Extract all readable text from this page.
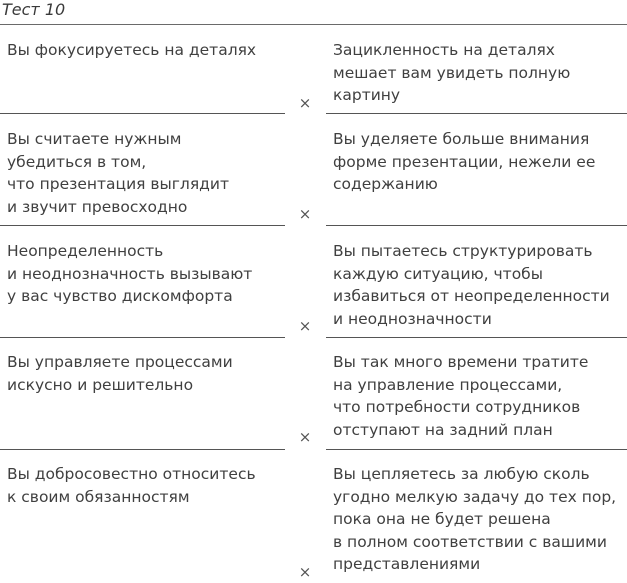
Тест 10
Вы фокусируетесь на деталях	Зацикленность на деталях
мешает вам увидеть полную
картину
×
Вы считаете нужным
убедиться в том,
что презентация выглядит
и звучит превосходно
Вы уделяете больше внимания
форме презентации, нежели ее
содержанию
×
Неопределенность
и неоднозначность вызывают
у вас чувство дискомфорта
Вы пытаетесь структурировать
каждую ситуацию, чтобы
избавиться от неопределенности
и неоднозначности
×
Вы управляете процессами
искусно и решительно
Вы так много времени тратите
на управление процессами,
что потребности сотрудников
отступают на задний план
×
Вы добросовестно относитесь
к своим обязанностям
Вы цепляетесь за любую сколь
угодно мелкую задачу до тех пор,
пока она не будет решена
в полном соответствии с вашими
представлениями
×
